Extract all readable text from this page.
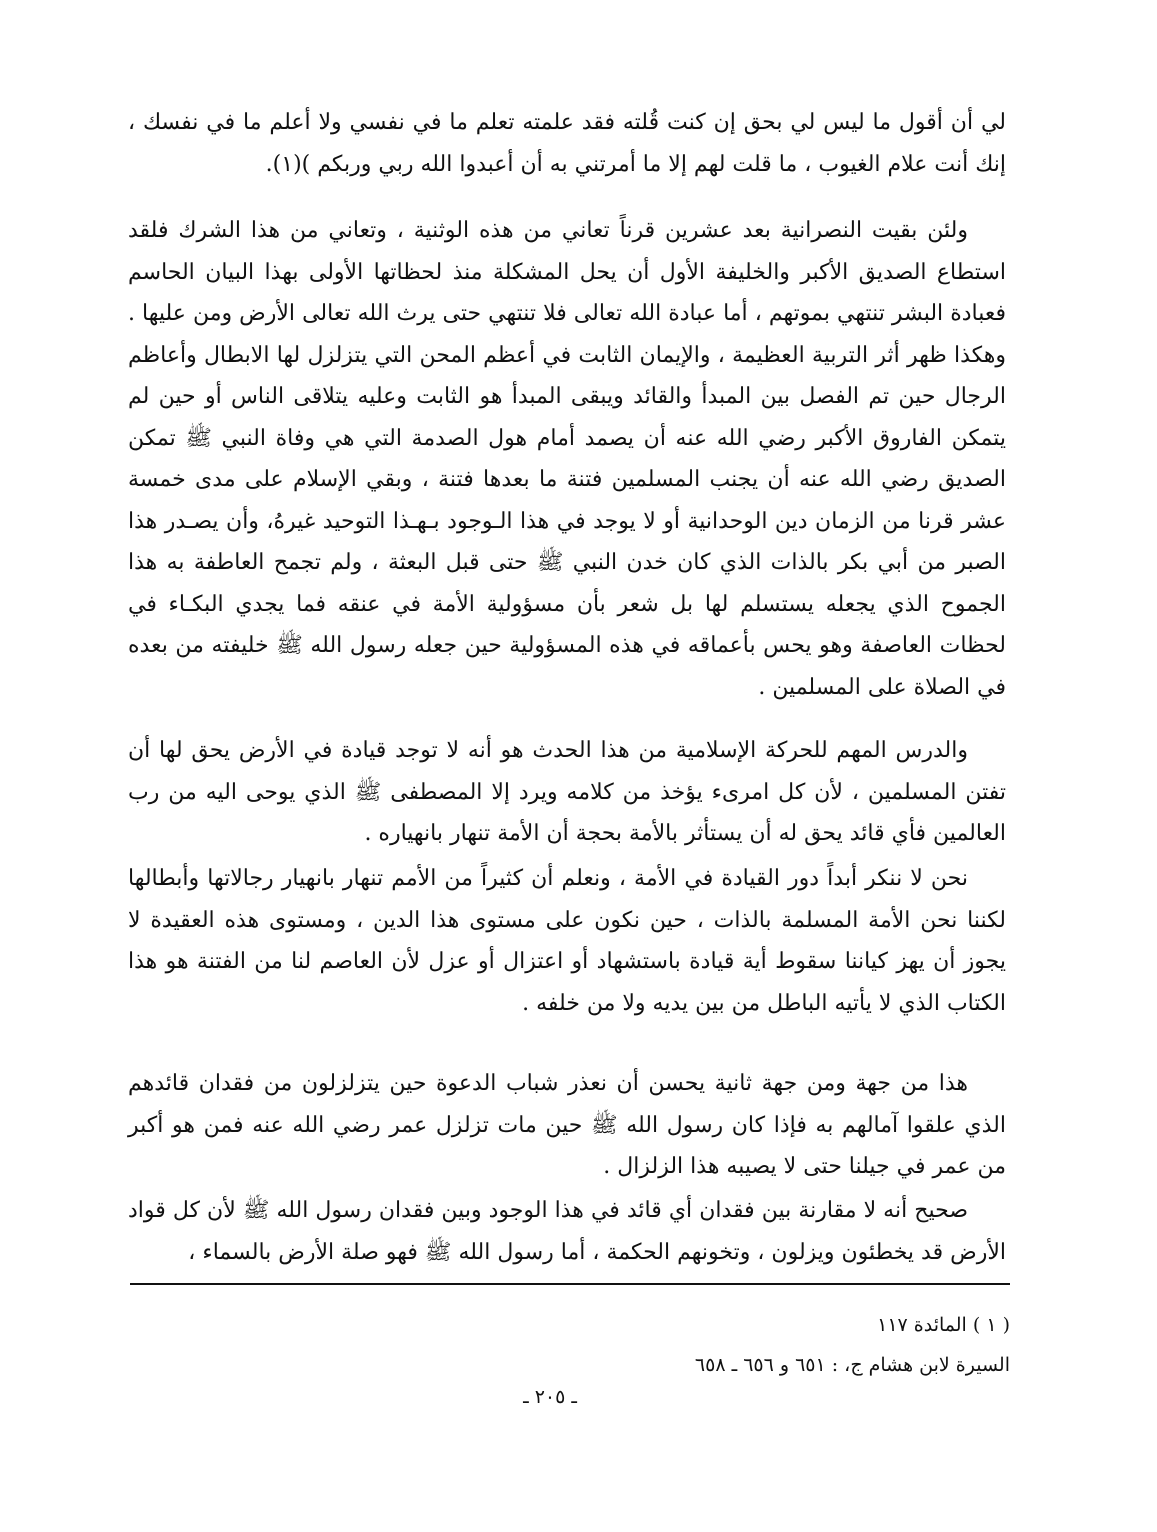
لي أن أقول ما ليس لي بحق إن كنت قُلته فقد علمته تعلم ما في نفسي ولا أعلم ما في نفسك ، إنك أنت علام الغيوب ، ما قلت لهم إلا ما أمرتني به أن أعبدوا الله ربي وربكم )(١).

ولئن بقيت النصرانية بعد عشرين قرناً تعاني من هذه الوثنية ، وتعاني من هذا الشرك فلقد استطاع الصديق الأكبر والخليفة الأول أن يحل المشكلة منذ لحظاتها الأولى بهذا البيان الحاسم فعبادة البشر تنتهي بموتهم ، أما عبادة الله تعالى فلا تنتهي حتى يرث الله تعالى الأرض ومن عليها . وهكذا ظهر أثر التربية العظيمة ، والإيمان الثابت في أعظم المحن التي يتزلزل لها الابطال وأعاظم الرجال حين تم الفصل بين المبدأ والقائد ويبقى المبدأ هو الثابت وعليه يتلاقى الناس أو حين لم يتمكن الفاروق الأكبر رضي الله عنه أن يصمد أمام هول الصدمة التي هي وفاة النبي ﷺ تمكن الصديق رضي الله عنه أن يجنب المسلمين فتنة ما بعدها فتنة ، وبقي الإسلام على مدى خمسة عشر قرنا من الزمان دين الوحدانية أو لا يوجد في هذا الـوجود بـهـذا التوحيد غيرهُ، وأن يصـدر هذا الصبر من أبي بكر بالذات الذي كان خدن النبي ﷺ حتى قبل البعثة ، ولم تجمح العاطفة به هذا الجموح الذي يجعله يستسلم لها بل شعر بأن مسؤولية الأمة في عنقه فما يجدي البكـاء في لحظات العاصفة وهو يحس بأعماقه في هذه المسؤولية حين جعله رسول الله ﷺ خليفته من بعده في الصلاة على المسلمين .

والدرس المهم للحركة الإسلامية من هذا الحدث هو أنه لا توجد قيادة في الأرض يحق لها أن تفتن المسلمين ، لأن كل امرىء يؤخذ من كلامه ويرد إلا المصطفى ﷺ الذي يوحى اليه من رب العالمين فأي قائد يحق له أن يستأثر بالأمة بحجة أن الأمة تنهار بانهياره .

نحن لا ننكر أبداً دور القيادة في الأمة ، ونعلم أن كثيراً من الأمم تنهار بانهيار رجالاتها وأبطالها لكننا نحن الأمة المسلمة بالذات ، حين نكون على مستوى هذا الدين ، ومستوى هذه العقيدة لا يجوز أن يهز كياننا سقوط أية قيادة باستشهاد أو اعتزال أو عزل لأن العاصم لنا من الفتنة هو هذا الكتاب الذي لا يأتيه الباطل من بين يديه ولا من خلفه .

هذا من جهة ومن جهة ثانية يحسن أن نعذر شباب الدعوة حين يتزلزلون من فقدان قائدهم الذي علقوا آمالهم به فإذا كان رسول الله ﷺ حين مات تزلزل عمر رضي الله عنه فمن هو أكبر من عمر في جيلنا حتى لا يصيبه هذا الزلزال .

صحيح أنه لا مقارنة بين فقدان أي قائد في هذا الوجود وبين فقدان رسول الله ﷺ لأن كل قواد الأرض قد يخطئون ويزلون ، وتخونهم الحكمة ، أما رسول الله ﷺ فهو صلة الأرض بالسماء ،

( ١ ) المائدة ١١٧
السيرة لابن هشام ج، : ٦٥١ و ٦٥٦ ـ ٦٥٨
ـ ٢٠٥ ـ
